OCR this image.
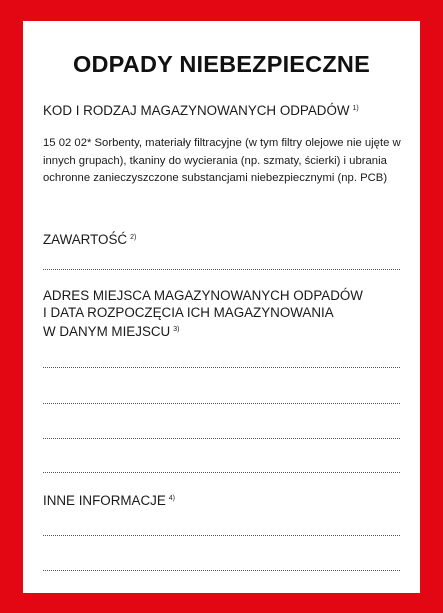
ODPADY NIEBEZPIECZNE
KOD I RODZAJ MAGAZYNOWANYCH ODPADÓW $^{1)}$
15 02 02* Sorbenty, materiały filtracyjne (w tym filtry olejowe nie ujęte w innych grupach), tkaniny do wycierania (np. szmaty, ścierki) i ubrania ochronne zanieczyszczone substancjami niebezpiecznymi (np. PCB)
ZAWARTOŚĆ $^{2)}$
ADRES MIEJSCA MAGAZYNOWANYCH ODPADÓW
I DATA ROZPOCZĘCIA ICH MAGAZYNOWANIA
W DANYM MIEJSCU $^{3)}$
INNE INFORMACJE $^{4)}$
